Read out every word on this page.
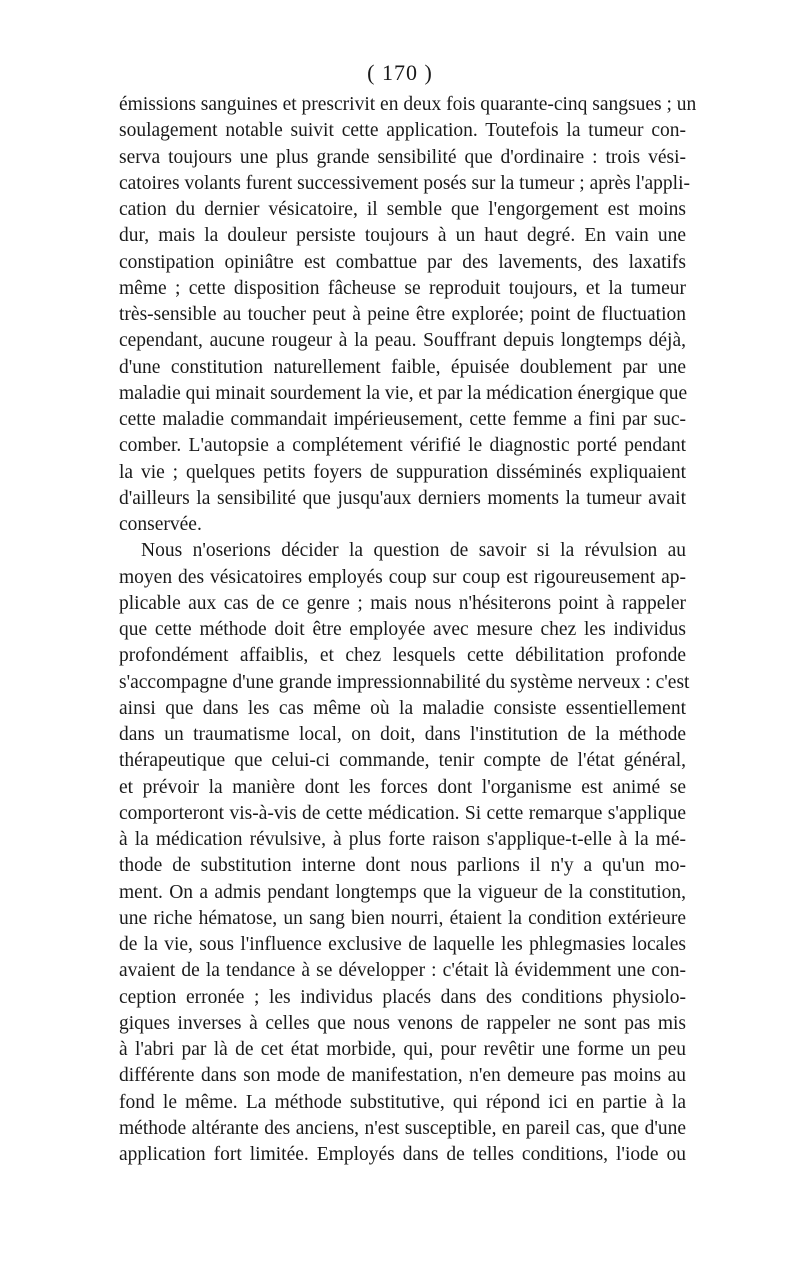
( 170 )
émissions sanguines et prescrivit en deux fois quarante-cinq sangsues ; un
soulagement notable suivit cette application. Toutefois la tumeur con-
serva toujours une plus grande sensibilité que d'ordinaire : trois vési-
catoires volants furent successivement posés sur la tumeur ; après l'appli-
cation du dernier vésicatoire, il semble que l'engorgement est moins
dur, mais la douleur persiste toujours à un haut degré. En vain une
constipation opiniâtre est combattue par des lavements, des laxatifs
même ; cette disposition fâcheuse se reproduit toujours, et la tumeur
très-sensible au toucher peut à peine être explorée; point de fluctuation
cependant, aucune rougeur à la peau. Souffrant depuis longtemps déjà,
d'une constitution naturellement faible, épuisée doublement par une
maladie qui minait sourdement la vie, et par la médication énergique que
cette maladie commandait impérieusement, cette femme a fini par suc-
comber. L'autopsie a complétement vérifié le diagnostic porté pendant
la vie ; quelques petits foyers de suppuration disséminés expliquaient
d'ailleurs la sensibilité que jusqu'aux derniers moments la tumeur avait
conservée.
Nous n'oserions décider la question de savoir si la révulsion au
moyen des vésicatoires employés coup sur coup est rigoureusement ap-
plicable aux cas de ce genre ; mais nous n'hésiterons point à rappeler
que cette méthode doit être employée avec mesure chez les individus
profondément affaiblis, et chez lesquels cette débilitation profonde
s'accompagne d'une grande impressionnabilité du système nerveux : c'est
ainsi que dans les cas même où la maladie consiste essentiellement
dans un traumatisme local, on doit, dans l'institution de la méthode
thérapeutique que celui-ci commande, tenir compte de l'état général,
et prévoir la manière dont les forces dont l'organisme est animé se
comporteront vis-à-vis de cette médication. Si cette remarque s'applique
à la médication révulsive, à plus forte raison s'applique-t-elle à la mé-
thode de substitution interne dont nous parlions il n'y a qu'un mo-
ment. On a admis pendant longtemps que la vigueur de la constitution,
une riche hématose, un sang bien nourri, étaient la condition extérieure
de la vie, sous l'influence exclusive de laquelle les phlegmasies locales
avaient de la tendance à se développer : c'était là évidemment une con-
ception erronée ; les individus placés dans des conditions physiolo-
giques inverses à celles que nous venons de rappeler ne sont pas mis
à l'abri par là de cet état morbide, qui, pour revêtir une forme un peu
différente dans son mode de manifestation, n'en demeure pas moins au
fond le même. La méthode substitutive, qui répond ici en partie à la
méthode altérante des anciens, n'est susceptible, en pareil cas, que d'une
application fort limitée. Employés dans de telles conditions, l'iode ou
